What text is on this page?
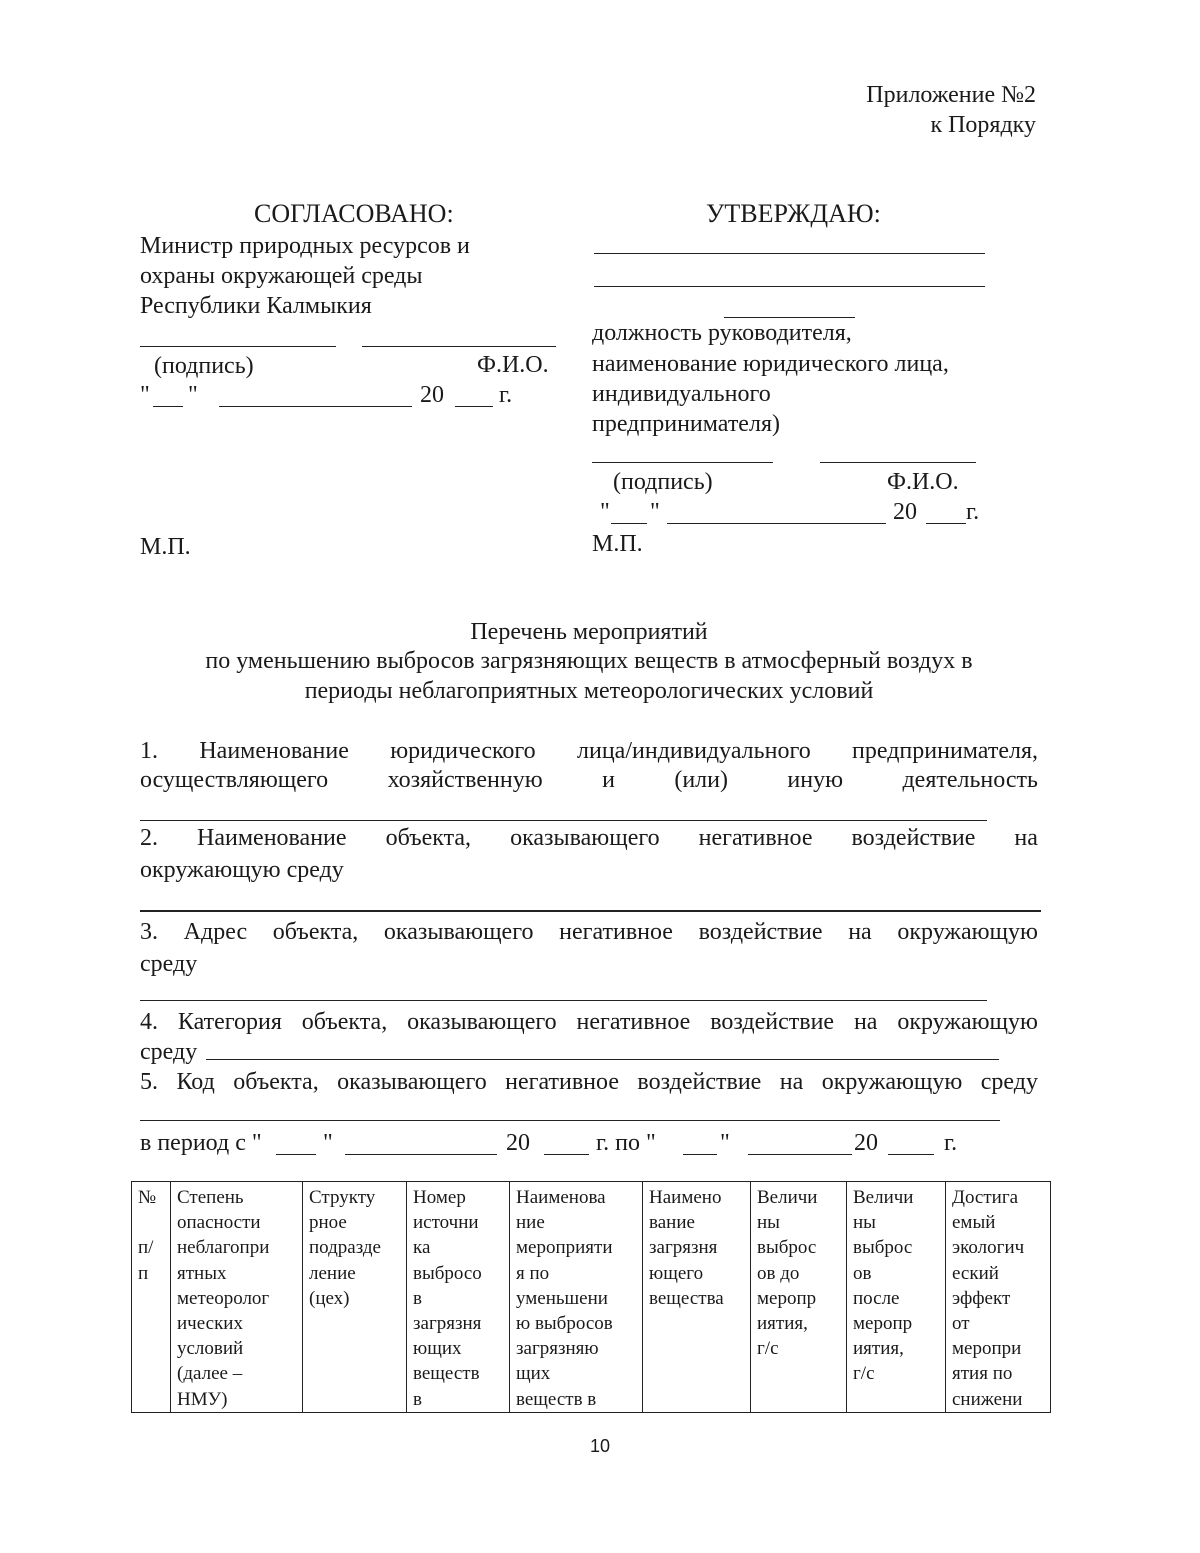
Приложение №2
к Порядку
СОГЛАСОВАНО:
Министр природных ресурсов и
охраны окружающей среды
Республики Калмыкия
(подпись)	Ф.И.О.
" "	20 г.
М.П.
УТВЕРЖДАЮ:
должность руководителя,
наименование юридического лица,
индивидуального
предпринимателя)
(подпись)	Ф.И.О.
" "	20 г.
М.П.
Перечень мероприятий
по уменьшению выбросов загрязняющих веществ в атмосферный воздух в
периоды неблагоприятных метеорологических условий
1. Наименование юридического лица/индивидуального предпринимателя,
осуществляющего хозяйственную и (или) иную деятельность
2. Наименование объекта, оказывающего негативное воздействие на
окружающую среду
3. Адрес объекта, оказывающего негативное воздействие на окружающую
среду
4. Категория объекта, оказывающего негативное воздействие на окружающую
среду
5. Код объекта, оказывающего негативное воздействие на окружающую среду
в период с "	"	20	г. по "	"	20	г.
№

п/
п	Степень
опасности
неблагопри
ятных
метеоролог
ических
условий
(далее –
НМУ)	Структу
рное
подразде
ление
(цех)	Номер
источни
ка
выбросо
в
загрязня
ющих
веществ
в	Наименова
ние
мероприяти
я по
уменьшени
ю выбросов
загрязняю
щих
веществ в	Наимено
вание
загрязня
ющего
вещества	Величи
ны
выброс
ов до
меропр
иятия,
г/с	Величи
ны
выброс
ов
после
меропр
иятия,
г/с	Достига
емый
экологич
еский
эффект
от
меропри
ятия по
снижени
10
